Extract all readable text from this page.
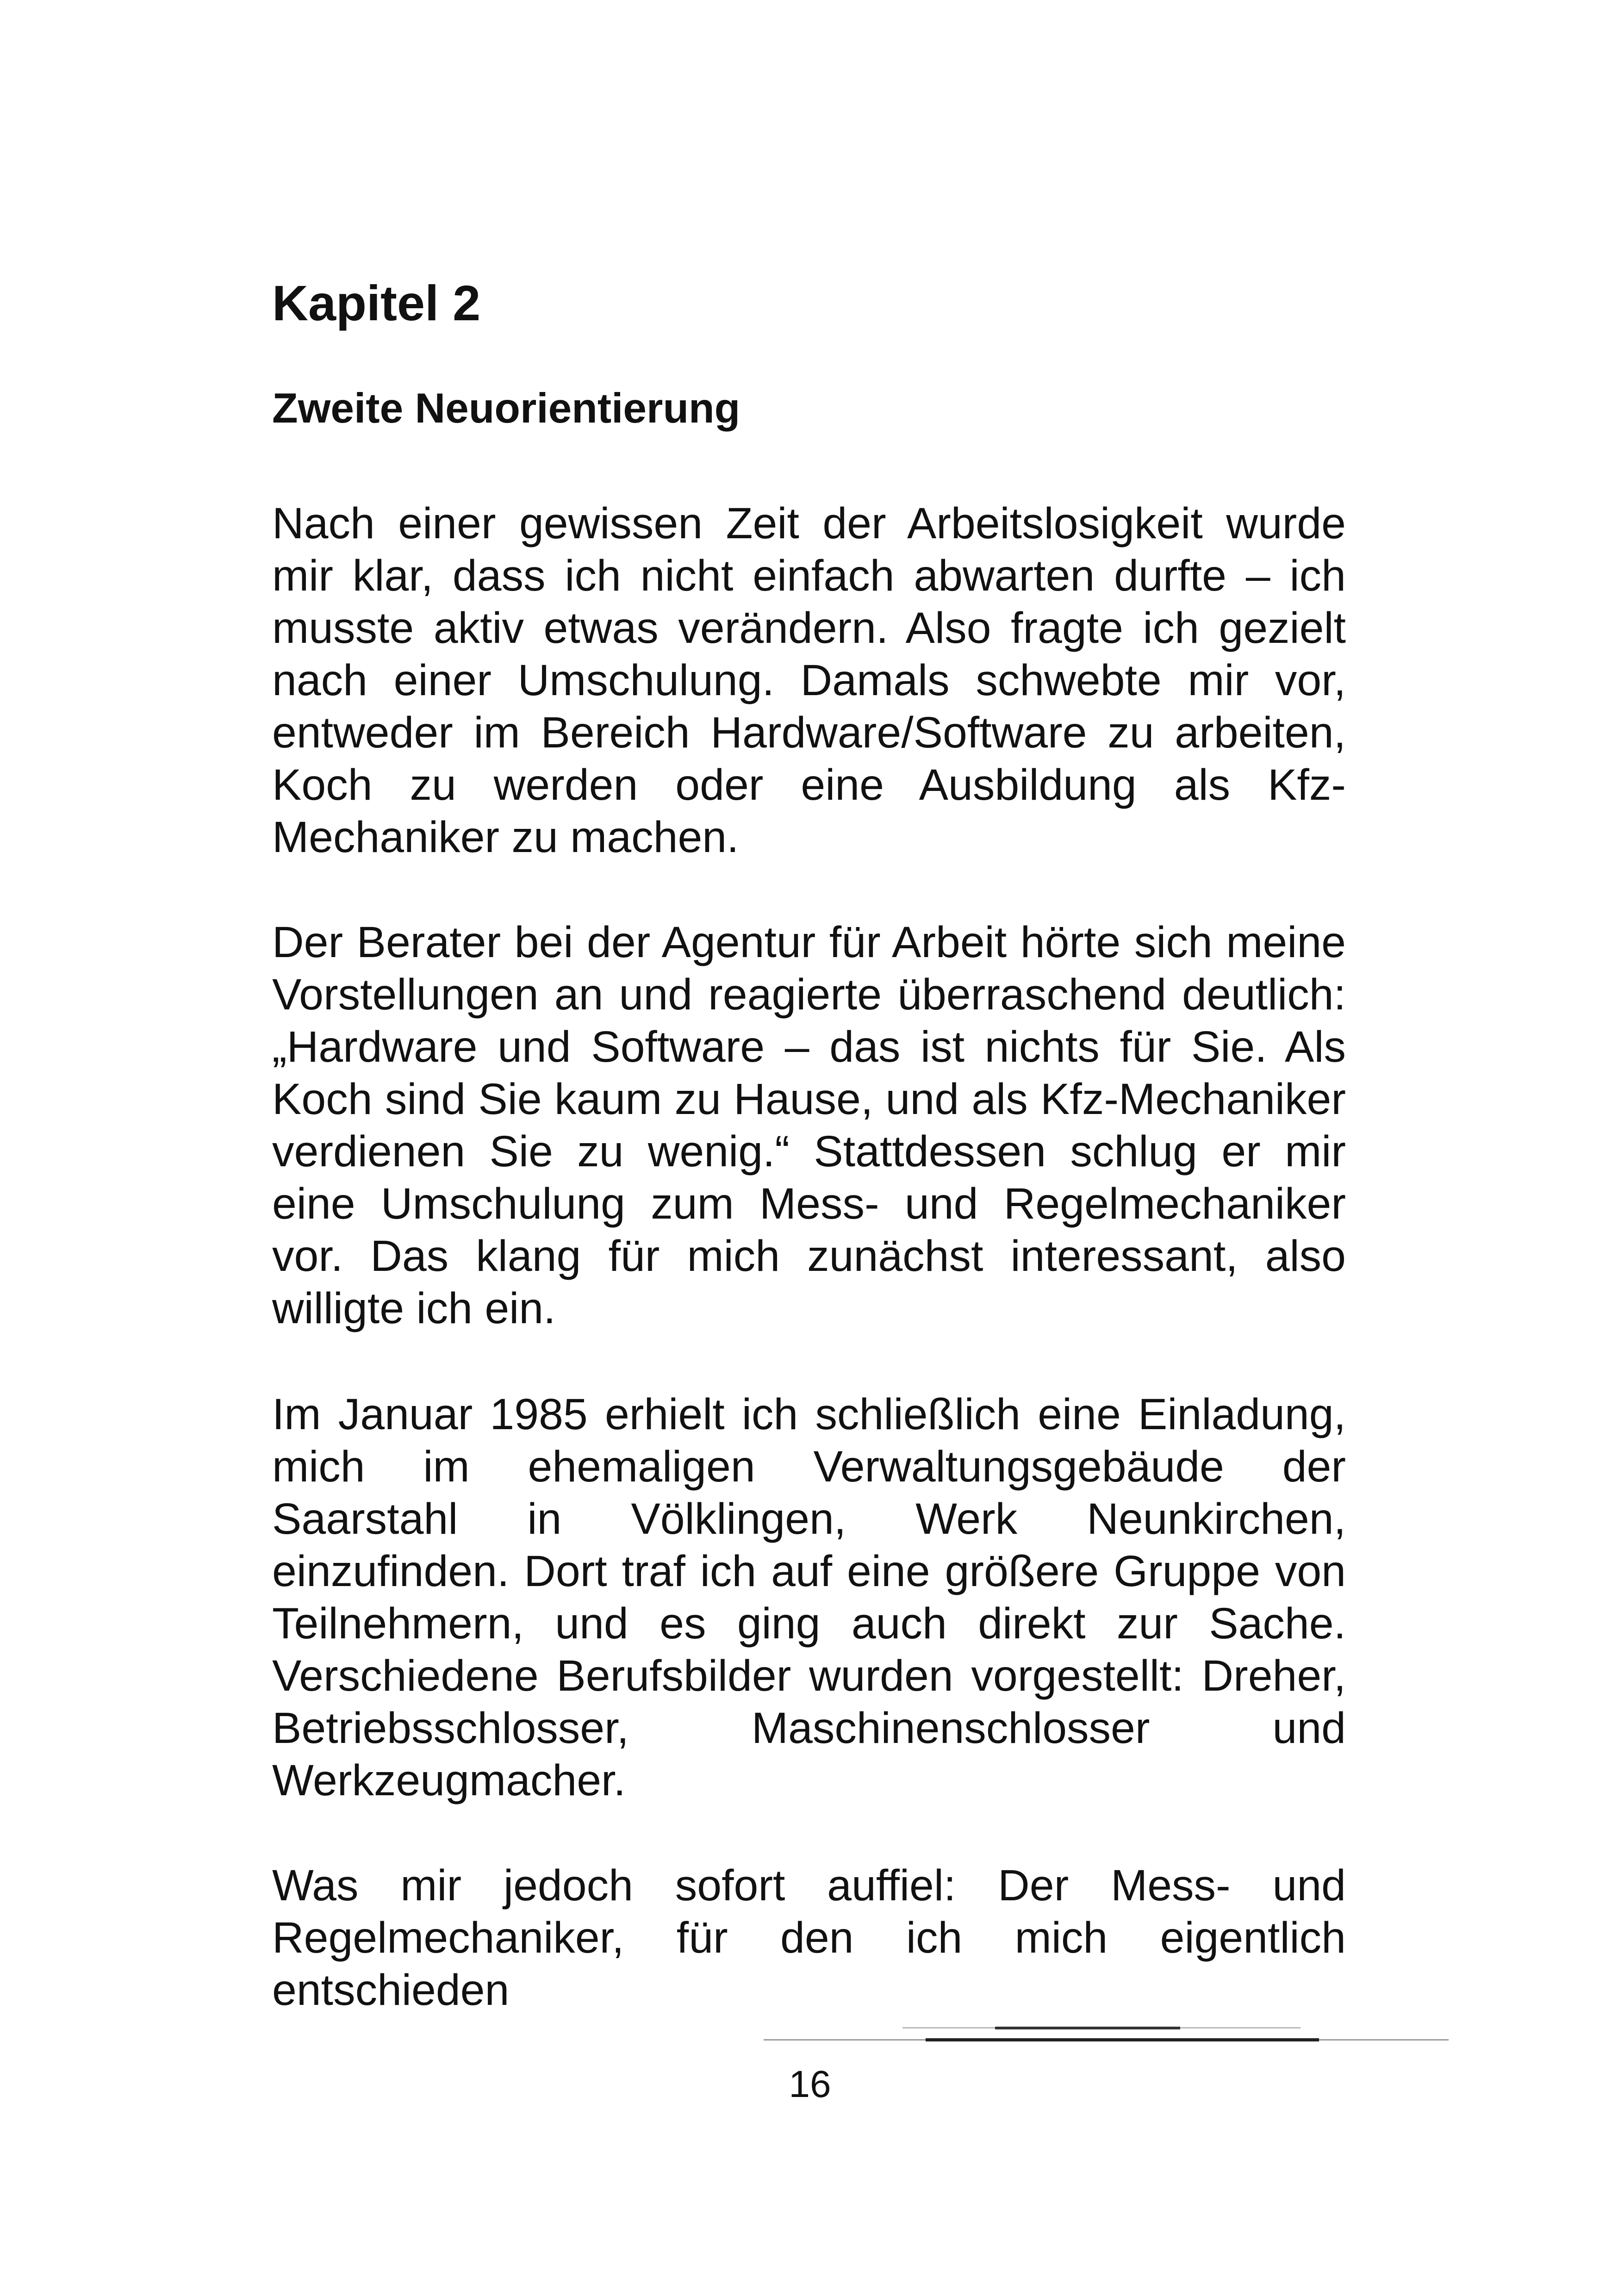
Kapitel 2
Zweite Neuorientierung

Nach einer gewissen Zeit der Arbeitslosigkeit wurde mir klar, dass ich nicht einfach abwarten durfte – ich musste aktiv etwas verändern. Also fragte ich gezielt nach einer Umschulung. Damals schwebte mir vor, entweder im Bereich Hardware/Software zu arbeiten, Koch zu werden oder eine Ausbildung als Kfz-Mechaniker zu machen.

Der Berater bei der Agentur für Arbeit hörte sich meine Vorstellungen an und reagierte überraschend deutlich: „Hardware und Software – das ist nichts für Sie. Als Koch sind Sie kaum zu Hause, und als Kfz-Mechaniker verdienen Sie zu wenig.“ Stattdessen schlug er mir eine Umschulung zum Mess- und Regelmechaniker vor. Das klang für mich zunächst interessant, also willigte ich ein.

Im Januar 1985 erhielt ich schließlich eine Einladung, mich im ehemaligen Verwaltungsgebäude der Saarstahl in Völklingen, Werk Neunkirchen, einzufinden. Dort traf ich auf eine größere Gruppe von Teilnehmern, und es ging auch direkt zur Sache. Verschiedene Berufsbilder wurden vorgestellt: Dreher, Betriebsschlosser, Maschinenschlosser und Werkzeugmacher.

Was mir jedoch sofort auffiel: Der Mess- und Regelmechaniker, für den ich mich eigentlich entschieden

16
